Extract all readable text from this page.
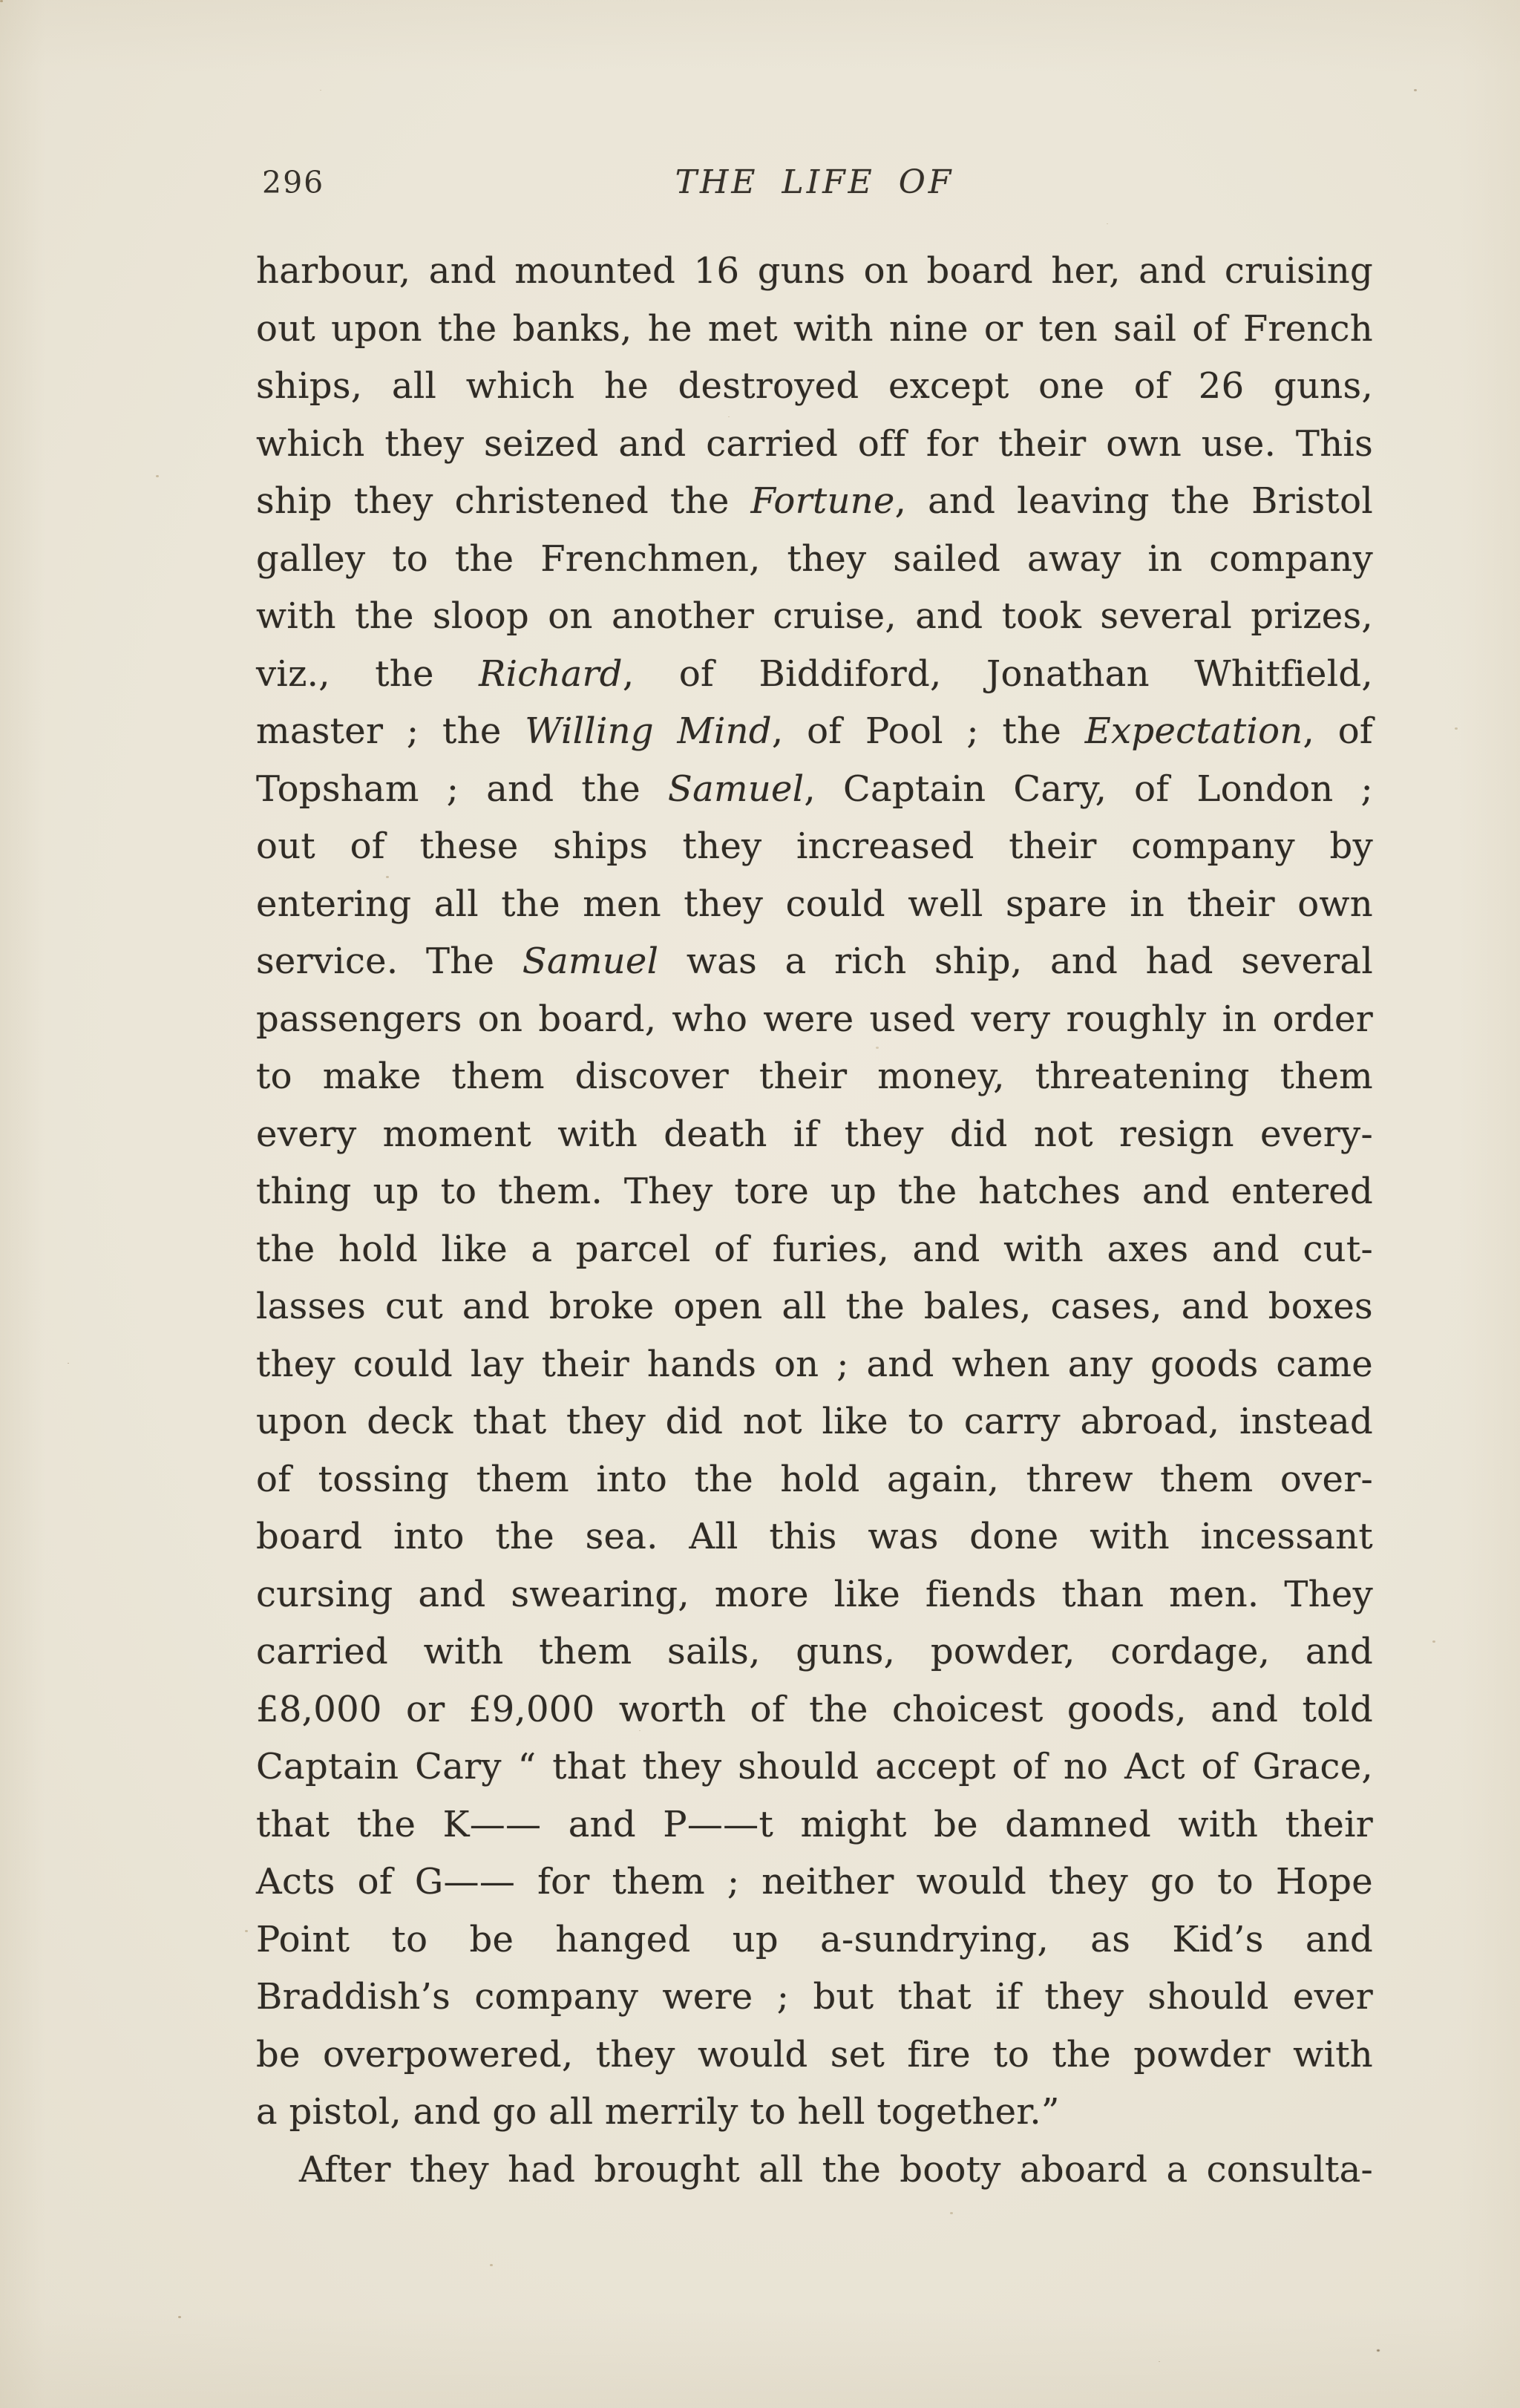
296	THE LIFE OF
harbour, and mounted 16 guns on board her, and cruising
out upon the banks, he met with nine or ten sail of French
ships, all which he destroyed except one of 26 guns,
which they seized and carried off for their own use. This
ship they christened the Fortune, and leaving the Bristol
galley to the Frenchmen, they sailed away in company
with the sloop on another cruise, and took several prizes,
viz., the Richard, of Biddiford, Jonathan Whitfield,
master ; the Willing Mind, of Pool ; the Expectation, of
Topsham ; and the Samuel, Captain Cary, of London ;
out of these ships they increased their company by
entering all the men they could well spare in their own
service. The Samuel was a rich ship, and had several
passengers on board, who were used very roughly in order
to make them discover their money, threatening them
every moment with death if they did not resign every-
thing up to them. They tore up the hatches and entered
the hold like a parcel of furies, and with axes and cut-
lasses cut and broke open all the bales, cases, and boxes
they could lay their hands on ; and when any goods came
upon deck that they did not like to carry abroad, instead
of tossing them into the hold again, threw them over-
board into the sea. All this was done with incessant
cursing and swearing, more like fiends than men. They
carried with them sails, guns, powder, cordage, and
£8,000 or £9,000 worth of the choicest goods, and told
Captain Cary “ that they should accept of no Act of Grace,
that the K—— and P——t might be damned with their
Acts of G—— for them ; neither would they go to Hope
Point to be hanged up a-sundrying, as Kid’s and
Braddish’s company were ; but that if they should ever
be overpowered, they would set fire to the powder with
a pistol, and go all merrily to hell together.”
After they had brought all the booty aboard a consulta-
